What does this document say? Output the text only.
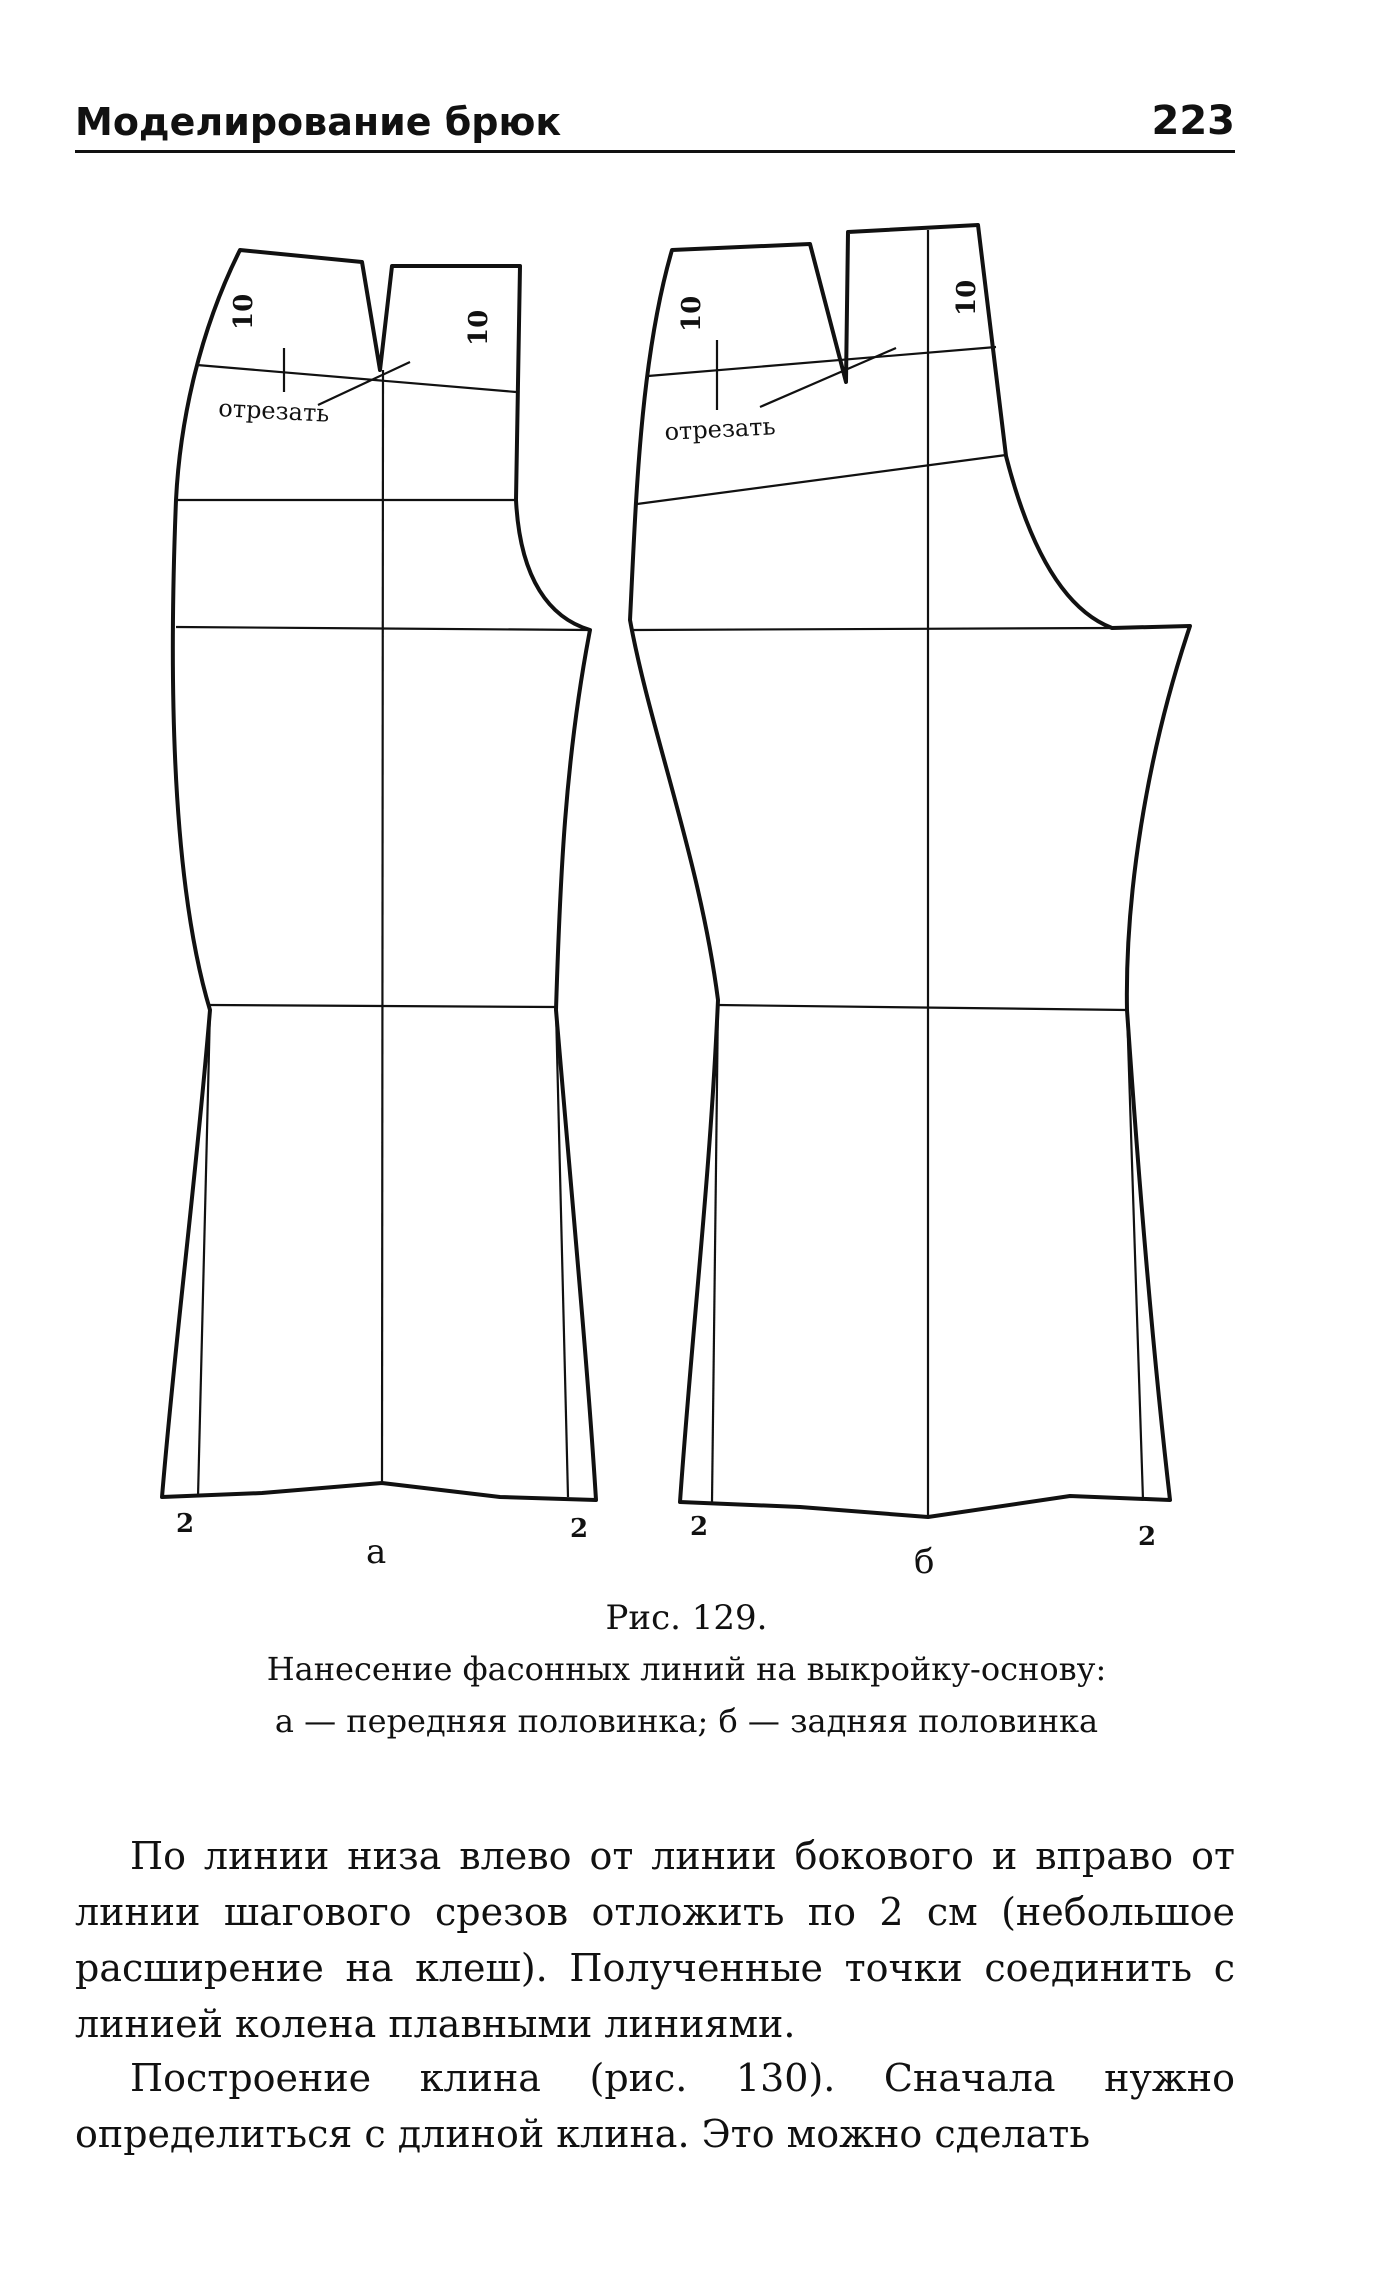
Моделирование брюк	223
10	10
отрезать
2	2
а
10	10
отрезать
2	2
б
Рис. 129.
Нанесение фасонных линий на выкройку-основу:
а — передняя половинка; б — задняя половинка

По линии низа влево от линии бокового и вправо от линии шагового срезов отложить по 2 см (небольшое расширение на клеш). Полученные точки соединить с линией колена плавными линиями.

Построение клина (рис. 130). Сначала нужно определиться с длиной клина. Это можно сделать
